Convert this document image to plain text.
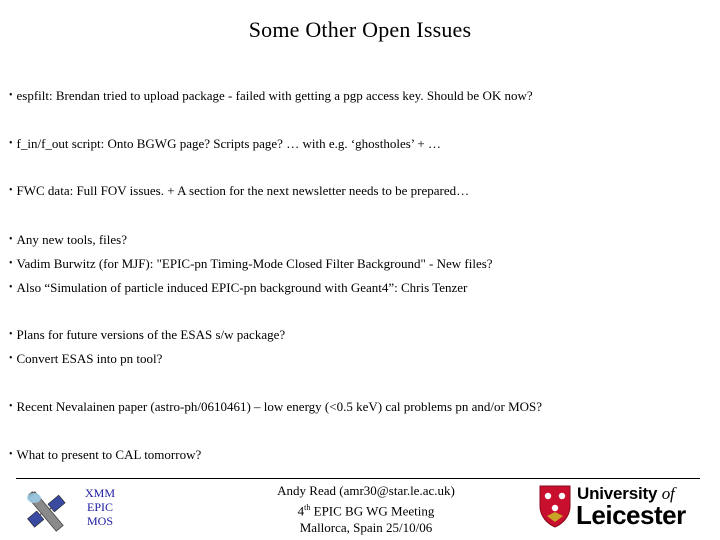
Some Other Open Issues
• espfilt: Brendan tried to upload package - failed with getting a pgp access key. Should be OK now?
• f_in/f_out script: Onto BGWG page? Scripts page? … with e.g. ‘ghostholes’ + …
• FWC data: Full FOV issues. + A section for the next newsletter needs to be prepared…
• Any new tools, files?
• Vadim Burwitz (for MJF): "EPIC-pn Timing-Mode Closed Filter Background" - New files?
• Also “Simulation of particle induced EPIC-pn background with Geant4”: Chris Tenzer
• Plans for future versions of the ESAS s/w package?
• Convert ESAS into pn tool?
• Recent Nevalainen paper (astro-ph/0610461) – low energy (<0.5 keV) cal problems pn and/or MOS?
• What to present to CAL tomorrow?
XMM
EPIC
MOS
Andy Read (amr30@star.le.ac.uk)
4th EPIC BG WG Meeting
Mallorca, Spain 25/10/06
University of
Leicester
